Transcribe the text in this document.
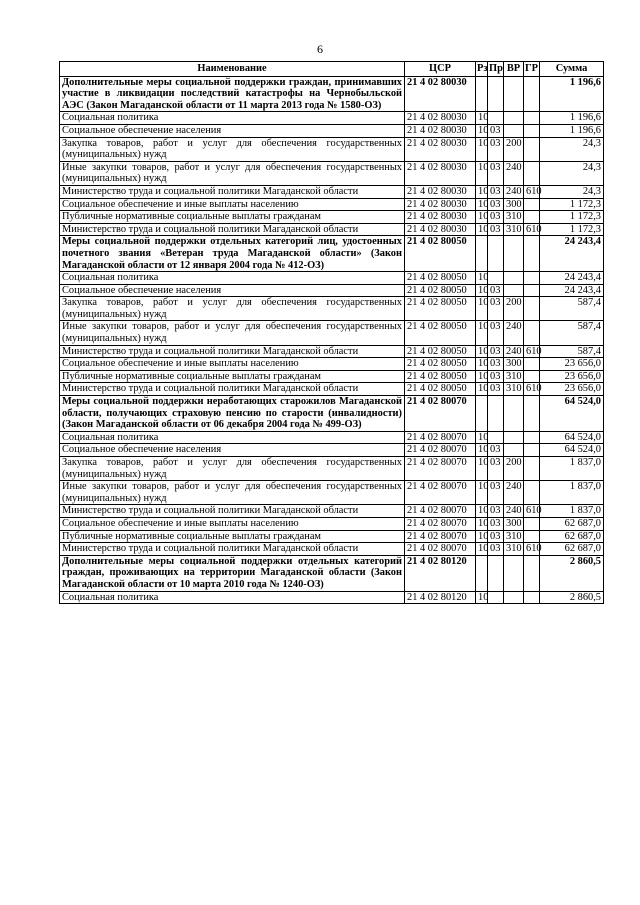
6
Наименование	ЦСР	Рз	Пр	ВР	ГР	Сумма
Дополнительные меры социальной поддержки граждан, принимавших участие в ликвидации последствий катастрофы на Чернобыльской АЭС (Закон Магаданской области от 11 марта 2013 года № 1580-ОЗ)	21 4 02 80030					1 196,6
Социальная политика	21 4 02 80030	10				1 196,6
Социальное обеспечение населения	21 4 02 80030	10	03			1 196,6
Закупка товаров, работ и услуг для обеспечения государственных (муниципальных) нужд	21 4 02 80030	10	03	200		24,3
Иные закупки товаров, работ и услуг для обеспечения государственных (муниципальных) нужд	21 4 02 80030	10	03	240		24,3
Министерство труда и социальной политики Магаданской области	21 4 02 80030	10	03	240	610	24,3
Социальное обеспечение и иные выплаты населению	21 4 02 80030	10	03	300		1 172,3
Публичные нормативные социальные выплаты гражданам	21 4 02 80030	10	03	310		1 172,3
Министерство труда и социальной политики Магаданской области	21 4 02 80030	10	03	310	610	1 172,3
Меры социальной поддержки отдельных категорий лиц, удостоенных почетного звания «Ветеран труда Магаданской области» (Закон Магаданской области от 12 января 2004 года № 412-ОЗ)	21 4 02 80050					24 243,4
Социальная политика	21 4 02 80050	10				24 243,4
Социальное обеспечение населения	21 4 02 80050	10	03			24 243,4
Закупка товаров, работ и услуг для обеспечения государственных (муниципальных) нужд	21 4 02 80050	10	03	200		587,4
Иные закупки товаров, работ и услуг для обеспечения государственных (муниципальных) нужд	21 4 02 80050	10	03	240		587,4
Министерство труда и социальной политики Магаданской области	21 4 02 80050	10	03	240	610	587,4
Социальное обеспечение и иные выплаты населению	21 4 02 80050	10	03	300		23 656,0
Публичные нормативные социальные выплаты гражданам	21 4 02 80050	10	03	310		23 656,0
Министерство труда и социальной политики Магаданской области	21 4 02 80050	10	03	310	610	23 656,0
Меры социальной поддержки неработающих старожилов Магаданской области, получающих страховую пенсию по старости (инвалидности) (Закон Магаданской области от 06 декабря 2004 года № 499-ОЗ)	21 4 02 80070					64 524,0
Социальная политика	21 4 02 80070	10				64 524,0
Социальное обеспечение населения	21 4 02 80070	10	03			64 524,0
Закупка товаров, работ и услуг для обеспечения государственных (муниципальных) нужд	21 4 02 80070	10	03	200		1 837,0
Иные закупки товаров, работ и услуг для обеспечения государственных (муниципальных) нужд	21 4 02 80070	10	03	240		1 837,0
Министерство труда и социальной политики Магаданской области	21 4 02 80070	10	03	240	610	1 837,0
Социальное обеспечение и иные выплаты населению	21 4 02 80070	10	03	300		62 687,0
Публичные нормативные социальные выплаты гражданам	21 4 02 80070	10	03	310		62 687,0
Министерство труда и социальной политики Магаданской области	21 4 02 80070	10	03	310	610	62 687,0
Дополнительные меры социальной поддержки отдельных категорий граждан, проживающих на территории Магаданской области (Закон Магаданской области от 10 марта 2010 года № 1240-ОЗ)	21 4 02 80120					2 860,5
Социальная политика	21 4 02 80120	10				2 860,5
